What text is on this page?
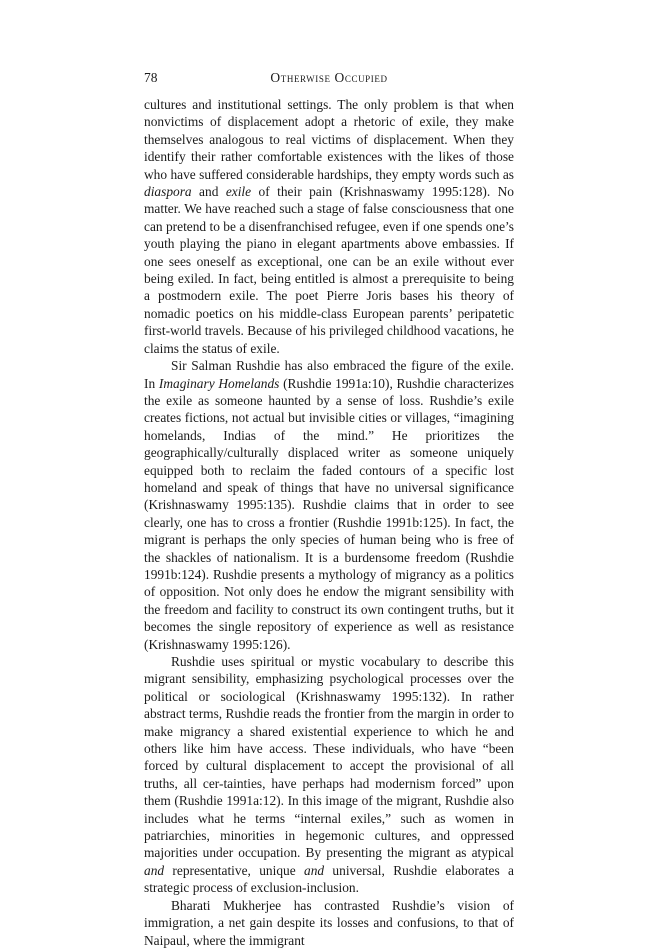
78	Otherwise Occupied

cultures and institutional settings. The only problem is that when nonvictims of displacement adopt a rhetoric of exile, they make themselves analogous to real victims of displacement. When they identify their rather comfortable existences with the likes of those who have suffered considerable hardships, they empty words such as diaspora and exile of their pain (Krishnaswamy 1995:128). No matter. We have reached such a stage of false consciousness that one can pretend to be a disenfranchised refugee, even if one spends one’s youth playing the piano in elegant apartments above embassies. If one sees oneself as exceptional, one can be an exile without ever being exiled. In fact, being entitled is almost a prerequisite to being a postmodern exile. The poet Pierre Joris bases his theory of nomadic poetics on his middle-class European parents’ peripatetic first-world travels. Because of his privileged childhood vacations, he claims the status of exile.

Sir Salman Rushdie has also embraced the figure of the exile. In Imaginary Homelands (Rushdie 1991a:10), Rushdie characterizes the exile as someone haunted by a sense of loss. Rushdie’s exile creates fictions, not actual but invisible cities or villages, “imagining homelands, Indias of the mind.” He prioritizes the geographically/culturally displaced writer as someone uniquely equipped both to reclaim the faded contours of a specific lost homeland and speak of things that have no universal significance (Krishnaswamy 1995:135). Rushdie claims that in order to see clearly, one has to cross a frontier (Rushdie 1991b:125). In fact, the migrant is perhaps the only species of human being who is free of the shackles of nationalism. It is a burdensome freedom (Rushdie 1991b:124). Rushdie presents a mythology of migrancy as a politics of opposition. Not only does he endow the migrant sensibility with the freedom and facility to construct its own contingent truths, but it becomes the single repository of experience as well as resistance (Krishnaswamy 1995:126).

Rushdie uses spiritual or mystic vocabulary to describe this migrant sensibility, emphasizing psychological processes over the political or sociological (Krishnaswamy 1995:132). In rather abstract terms, Rushdie reads the frontier from the margin in order to make migrancy a shared existential experience to which he and others like him have access. These individuals, who have “been forced by cultural displacement to accept the provisional of all truths, all cer-tainties, have perhaps had modernism forced” upon them (Rushdie 1991a:12). In this image of the migrant, Rushdie also includes what he terms “internal exiles,” such as women in patriarchies, minorities in hegemonic cultures, and oppressed majorities under occupation. By presenting the migrant as atypical and representative, unique and universal, Rushdie elaborates a strategic process of exclusion-inclusion.

Bharati Mukherjee has contrasted Rushdie’s vision of immigration, a net gain despite its losses and confusions, to that of Naipaul, where the immigrant
